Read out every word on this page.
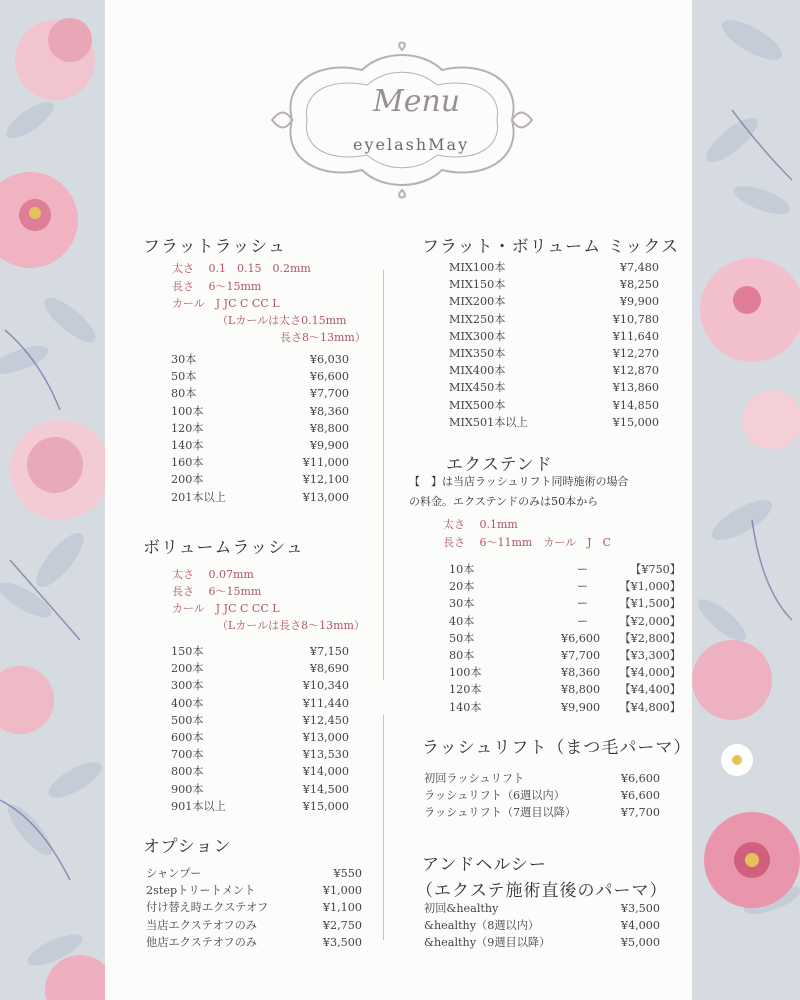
Menu
eyelashMay
フラットラッシュ
太さ　 0.1　0.15　0.2mm
長さ　 6〜15mm
カール　J JC C CC L
（Lカールは太さ0.15mm
長さ8〜13mm）
30本	¥6,030
50本	¥6,600
80本	¥7,700
100本	¥8,360
120本	¥8,800
140本	¥9,900
160本	¥11,000
200本	¥12,100
201本以上	¥13,000
ボリュームラッシュ
太さ　 0.07mm
長さ　 6〜15mm
カール　J JC C CC L
（Lカールは長さ8〜13mm）
150本	¥7,150
200本	¥8,690
300本	¥10,340
400本	¥11,440
500本	¥12,450
600本	¥13,000
700本	¥13,530
800本	¥14,000
900本	¥14,500
901本以上	¥15,000
オプション
シャンプー	¥550
2stepトリートメント	¥1,000
付け替え時エクステオフ	¥1,100
当店エクステオフのみ	¥2,750
他店エクステオフのみ	¥3,500
フラット・ボリューム ミックス
MIX100本	¥7,480
MIX150本	¥8,250
MIX200本	¥9,900
MIX250本	¥10,780
MIX300本	¥11,640
MIX350本	¥12,270
MIX400本	¥12,870
MIX450本	¥13,860
MIX500本	¥14,850
MIX501本以上	¥15,000
エクステンド
【　】は当店ラッシュリフト同時施術の場合
の料金。エクステンドのみは50本から
太さ　 0.1mm
長さ　 6〜11mm　カール　J　C
10本	ー	【¥750】
20本	ー	【¥1,000】
30本	ー	【¥1,500】
40本	ー	【¥2,000】
50本	¥6,600 【¥2,800】
80本	¥7,700 【¥3,300】
100本	¥8,360 【¥4,000】
120本	¥8,800 【¥4,400】
140本	¥9,900 【¥4,800】
ラッシュリフト（まつ毛パーマ）
初回ラッシュリフト	¥6,600
ラッシュリフト（6週以内）	¥6,600
ラッシュリフト（7週目以降）	¥7,700
アンドヘルシー
（エクステ施術直後のパーマ）
初回&healthy	¥3,500
&healthy（8週以内）	¥4,000
&healthy（9週目以降）	¥5,000
